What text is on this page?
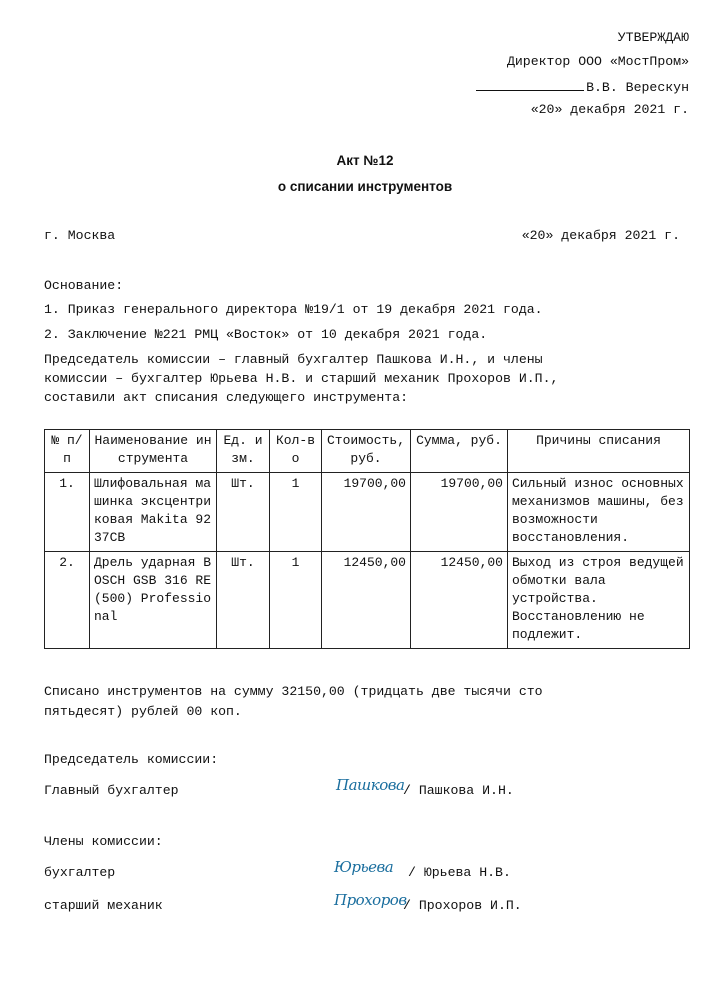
УТВЕРЖДАЮ
Директор ООО «МостПром»
В.В. Верескун
«20» декабря 2021 г.
Акт №12
о списании инструментов
г. Москва	«20» декабря 2021 г.
Основание:
1. Приказ генерального директора №19/1 от 19 декабря 2021 года.
2. Заключение №221 РМЦ «Восток» от 10 декабря 2021 года.
Председатель комиссии – главный бухгалтер Пашкова И.Н., и члены
комиссии – бухгалтер Юрьева Н.В. и старший механик Прохоров И.П.,
составили акт списания следующего инструмента:
№ п/п	Наименование инструмента	Ед. изм.	Кол-во	Стоимость, руб.	Сумма, руб.	Причины списания
1.	Шлифовальная машинка эксцентриковая Makita 9237CB	Шт.	1	19700,00	19700,00	Сильный износ основных механизмов машины, без возможности восстановления.
2.	Дрель ударная BOSCH GSB 316 RE (500) Professional	Шт.	1	12450,00	12450,00	Выход из строя ведущей обмотки вала устройства. Восстановлению не подлежит.
Списано инструментов на сумму 32150,00 (тридцать две тысячи сто
пятьдесят) рублей 00 коп.
Председатель комиссии:
Главный бухгалтер	Пашкова
/ Пашкова И.Н.
Члены комиссии:
бухгалтер	Юрьева / Юрьева Н.В.
старший механик	Прохоров
/ Прохоров И.П.
